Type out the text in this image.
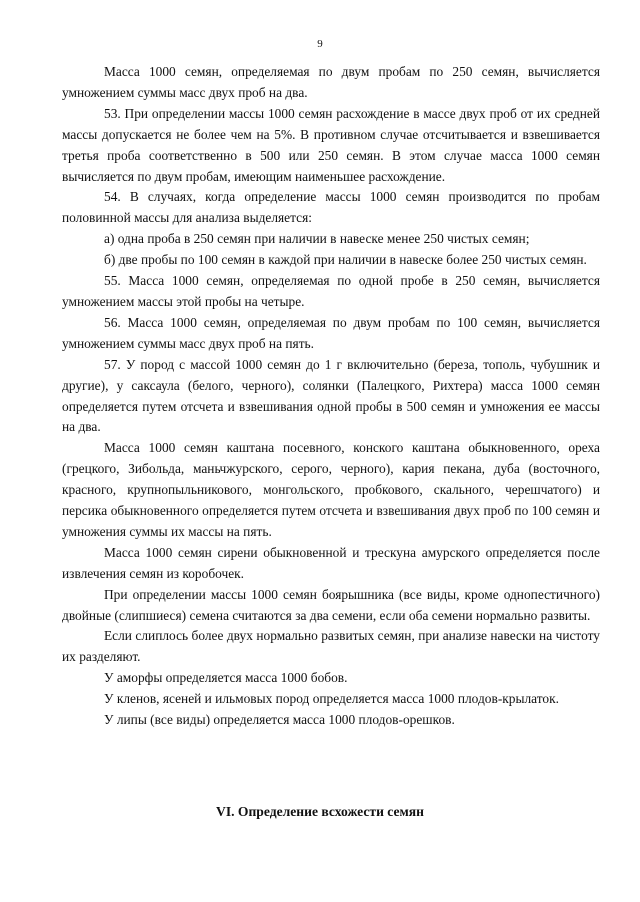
9

Масса 1000 семян, определяемая по двум пробам по 250 семян, вычисляется умножением суммы масс двух проб на два.

53. При определении массы 1000 семян расхождение в массе двух проб от их средней массы допускается не более чем на 5%. В противном случае отсчитывается и взвешивается третья проба соответственно в 500 или 250 семян. В этом случае масса 1000 семян вычисляется по двум пробам, имеющим наименьшее расхождение.

54. В случаях, когда определение массы 1000 семян производится по пробам половинной массы для анализа выделяется:

а) одна проба в 250 семян при наличии в навеске менее 250 чистых семян;

б) две пробы по 100 семян в каждой при наличии в навеске более 250 чистых семян.

55. Масса 1000 семян, определяемая по одной пробе в 250 семян, вычисляется умножением массы этой пробы на четыре.

56. Масса 1000 семян, определяемая по двум пробам по 100 семян, вычисляется умножением суммы масс двух проб на пять.

57. У пород с массой 1000 семян до 1 г включительно (береза, тополь, чубушник и другие), у саксаула (белого, черного), солянки (Палецкого, Рихтера) масса 1000 семян определяется путем отсчета и взвешивания одной пробы в 500 семян и умножения ее массы на два.

Масса 1000 семян каштана посевного, конского каштана обыкновенного, ореха (грецкого, Зибольда, маньчжурского, серого, черного), кария пекана, дуба (восточного, красного, крупнопыльникового, монгольского, пробкового, скального, черешчатого) и персика обыкновенного определяется путем отсчета и взвешивания двух проб по 100 семян и умножения суммы их массы на пять.

Масса 1000 семян сирени обыкновенной и трескуна амурского определяется после извлечения семян из коробочек.

При определении массы 1000 семян боярышника (все виды, кроме однопестичного) двойные (слипшиеся) семена считаются за два семени, если оба семени нормально развиты.

Если слиплось более двух нормально развитых семян, при анализе навески на чистоту их разделяют.

У аморфы определяется масса 1000 бобов.

У кленов, ясеней и ильмовых пород определяется масса 1000 плодов-крылаток.

У липы (все виды) определяется масса 1000 плодов-орешков.

VI. Определение всхожести семян
